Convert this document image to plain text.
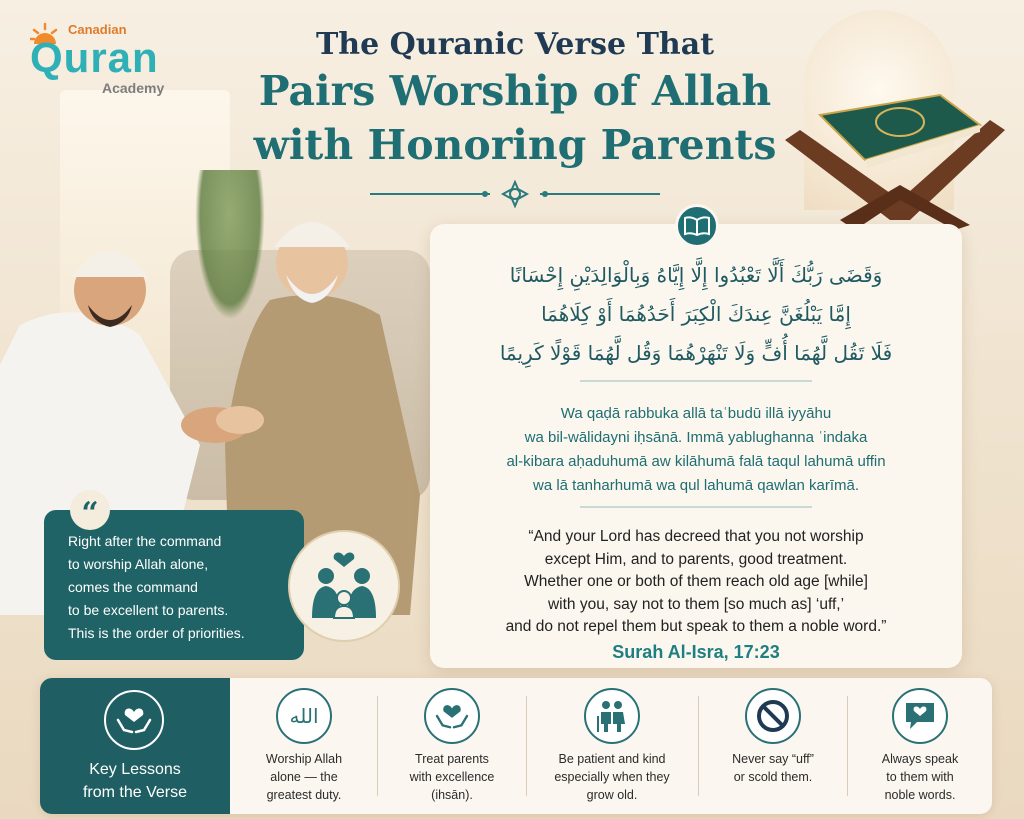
Canadian
Quran
Academy
The Quranic Verse That
Pairs Worship of Allah
with Honoring Parents
وَقَضَى رَبُّكَ أَلَّا تَعْبُدُوا إِلَّا إِيَّاهُ وَبِالْوَالِدَيْنِ إِحْسَانًا
إِمَّا يَبْلُغَنَّ عِندَكَ الْكِبَرَ أَحَدُهُمَا أَوْ كِلَاهُمَا
فَلَا تَقُل لَّهُمَا أُفٍّ وَلَا تَنْهَرْهُمَا وَقُل لَّهُمَا قَوْلًا كَرِيمًا
Wa qaḍā rabbuka allā taʿbudū illā iyyāhu
wa bil-wālidayni iḥsānā. Immā yablughanna ʿindaka
al-kibara aḥaduhumā aw kilāhumā falā taqul lahumā uffin
wa lā tanharhumā wa qul lahumā qawlan karīmā.
“And your Lord has decreed that you not worship
except Him, and to parents, good treatment.
Whether one or both of them reach old age [while]
with you, say not to them [so much as] ‘uff,’
and do not repel them but speak to them a noble word.”
Surah Al-Isra, 17:23
Right after the command
to worship Allah alone,
comes the command
to be excellent to parents.
This is the order of priorities.
“
Key Lessons
from the Verse
الله
Worship Allah
alone — the
greatest duty.
Treat parents
with excellence
(ihsān).
Be patient and kind
especially when they
grow old.
Never say “uff”
or scold them.
Always speak
to them with
noble words.
